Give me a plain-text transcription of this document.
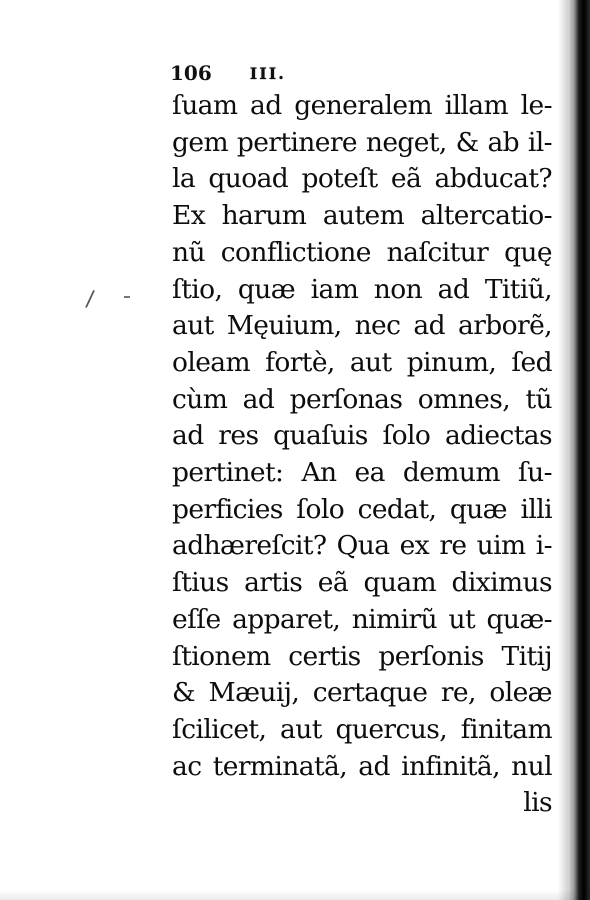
106 III.
/
ſuam ad generalem illam le-
gem pertinere neget, & ab il-
la quoad poteſt eã abducat?
Ex harum autem altercatio-
nũ conflictione naſcitur quę
ſtio, quæ iam non ad Titiũ,
aut Męuium, nec ad arborẽ,
oleam fortè, aut pinum, ſed
cùm ad perſonas omnes, tũ
ad res quaſuis ſolo adiectas
pertinet: An ea demum ſu-
perficies ſolo cedat, quæ illi
adhæreſcit? Qua ex re uim i-
ſtius artis eã quam diximus
eſſe apparet, nimirũ ut quæ-
ſtionem certis perſonis Titij
& Mæuij, certaque re, oleæ
ſcilicet, aut quercus, finitam
ac terminatã, ad infinitã, nul
lis
